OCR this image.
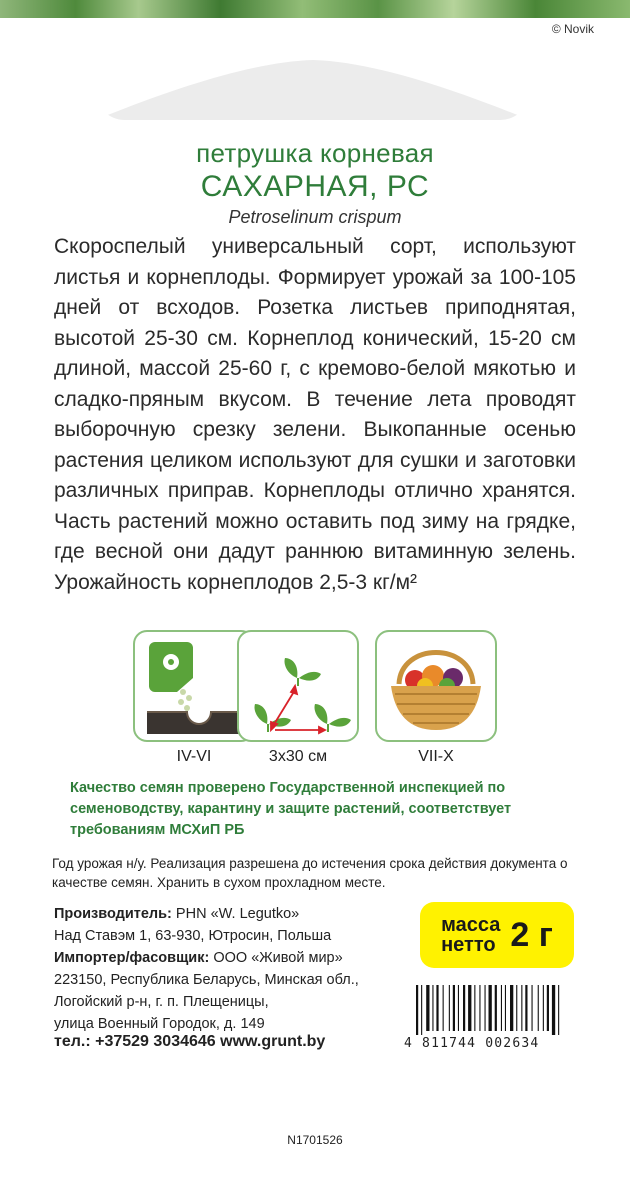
© Novik
петрушка корневая
САХАРНАЯ, РС
Petroselinum crispum
Скороспелый универсальный сорт, используют листья и корнеплоды. Формирует урожай за 100-105 дней от всходов. Розетка листьев приподнятая, высотой 25-30 см. Корнеплод конический, 15-20 см длиной, массой 25-60 г, с кремово-белой мякотью и сладко-пряным вкусом. В течение лета проводят выборочную срезку зелени. Выкопанные осенью растения целиком используют для сушки и заготовки различных приправ. Корнеплоды отлично хранятся. Часть растений можно оставить под зиму на грядке, где весной они дадут раннюю витаминную зелень. Урожайность корнеплодов 2,5-3 кг/м²
IV-VI	3x30 см	VII-X
Качество семян проверено Государственной инспекцией по семеноводству, карантину и защите растений, соответствует требованиям МСХиП РБ
Год урожая н/у. Реализация разрешена до истечения срока действия документа о качестве семян. Хранить в сухом прохладном месте.
Производитель: PHN «W. Legutko»
Над Ставэм 1, 63-930, Ютросин, Польша
Импортер/фасовщик: ООО «Живой мир»
223150, Республика Беларусь, Минская обл.,
Логойский р-н, г. п. Плещеницы,
улица Военный Городок, д. 149
тел.: +37529 3034646 www.grunt.by
масса
нетто 2 г
4 811744 002634
N1701526
